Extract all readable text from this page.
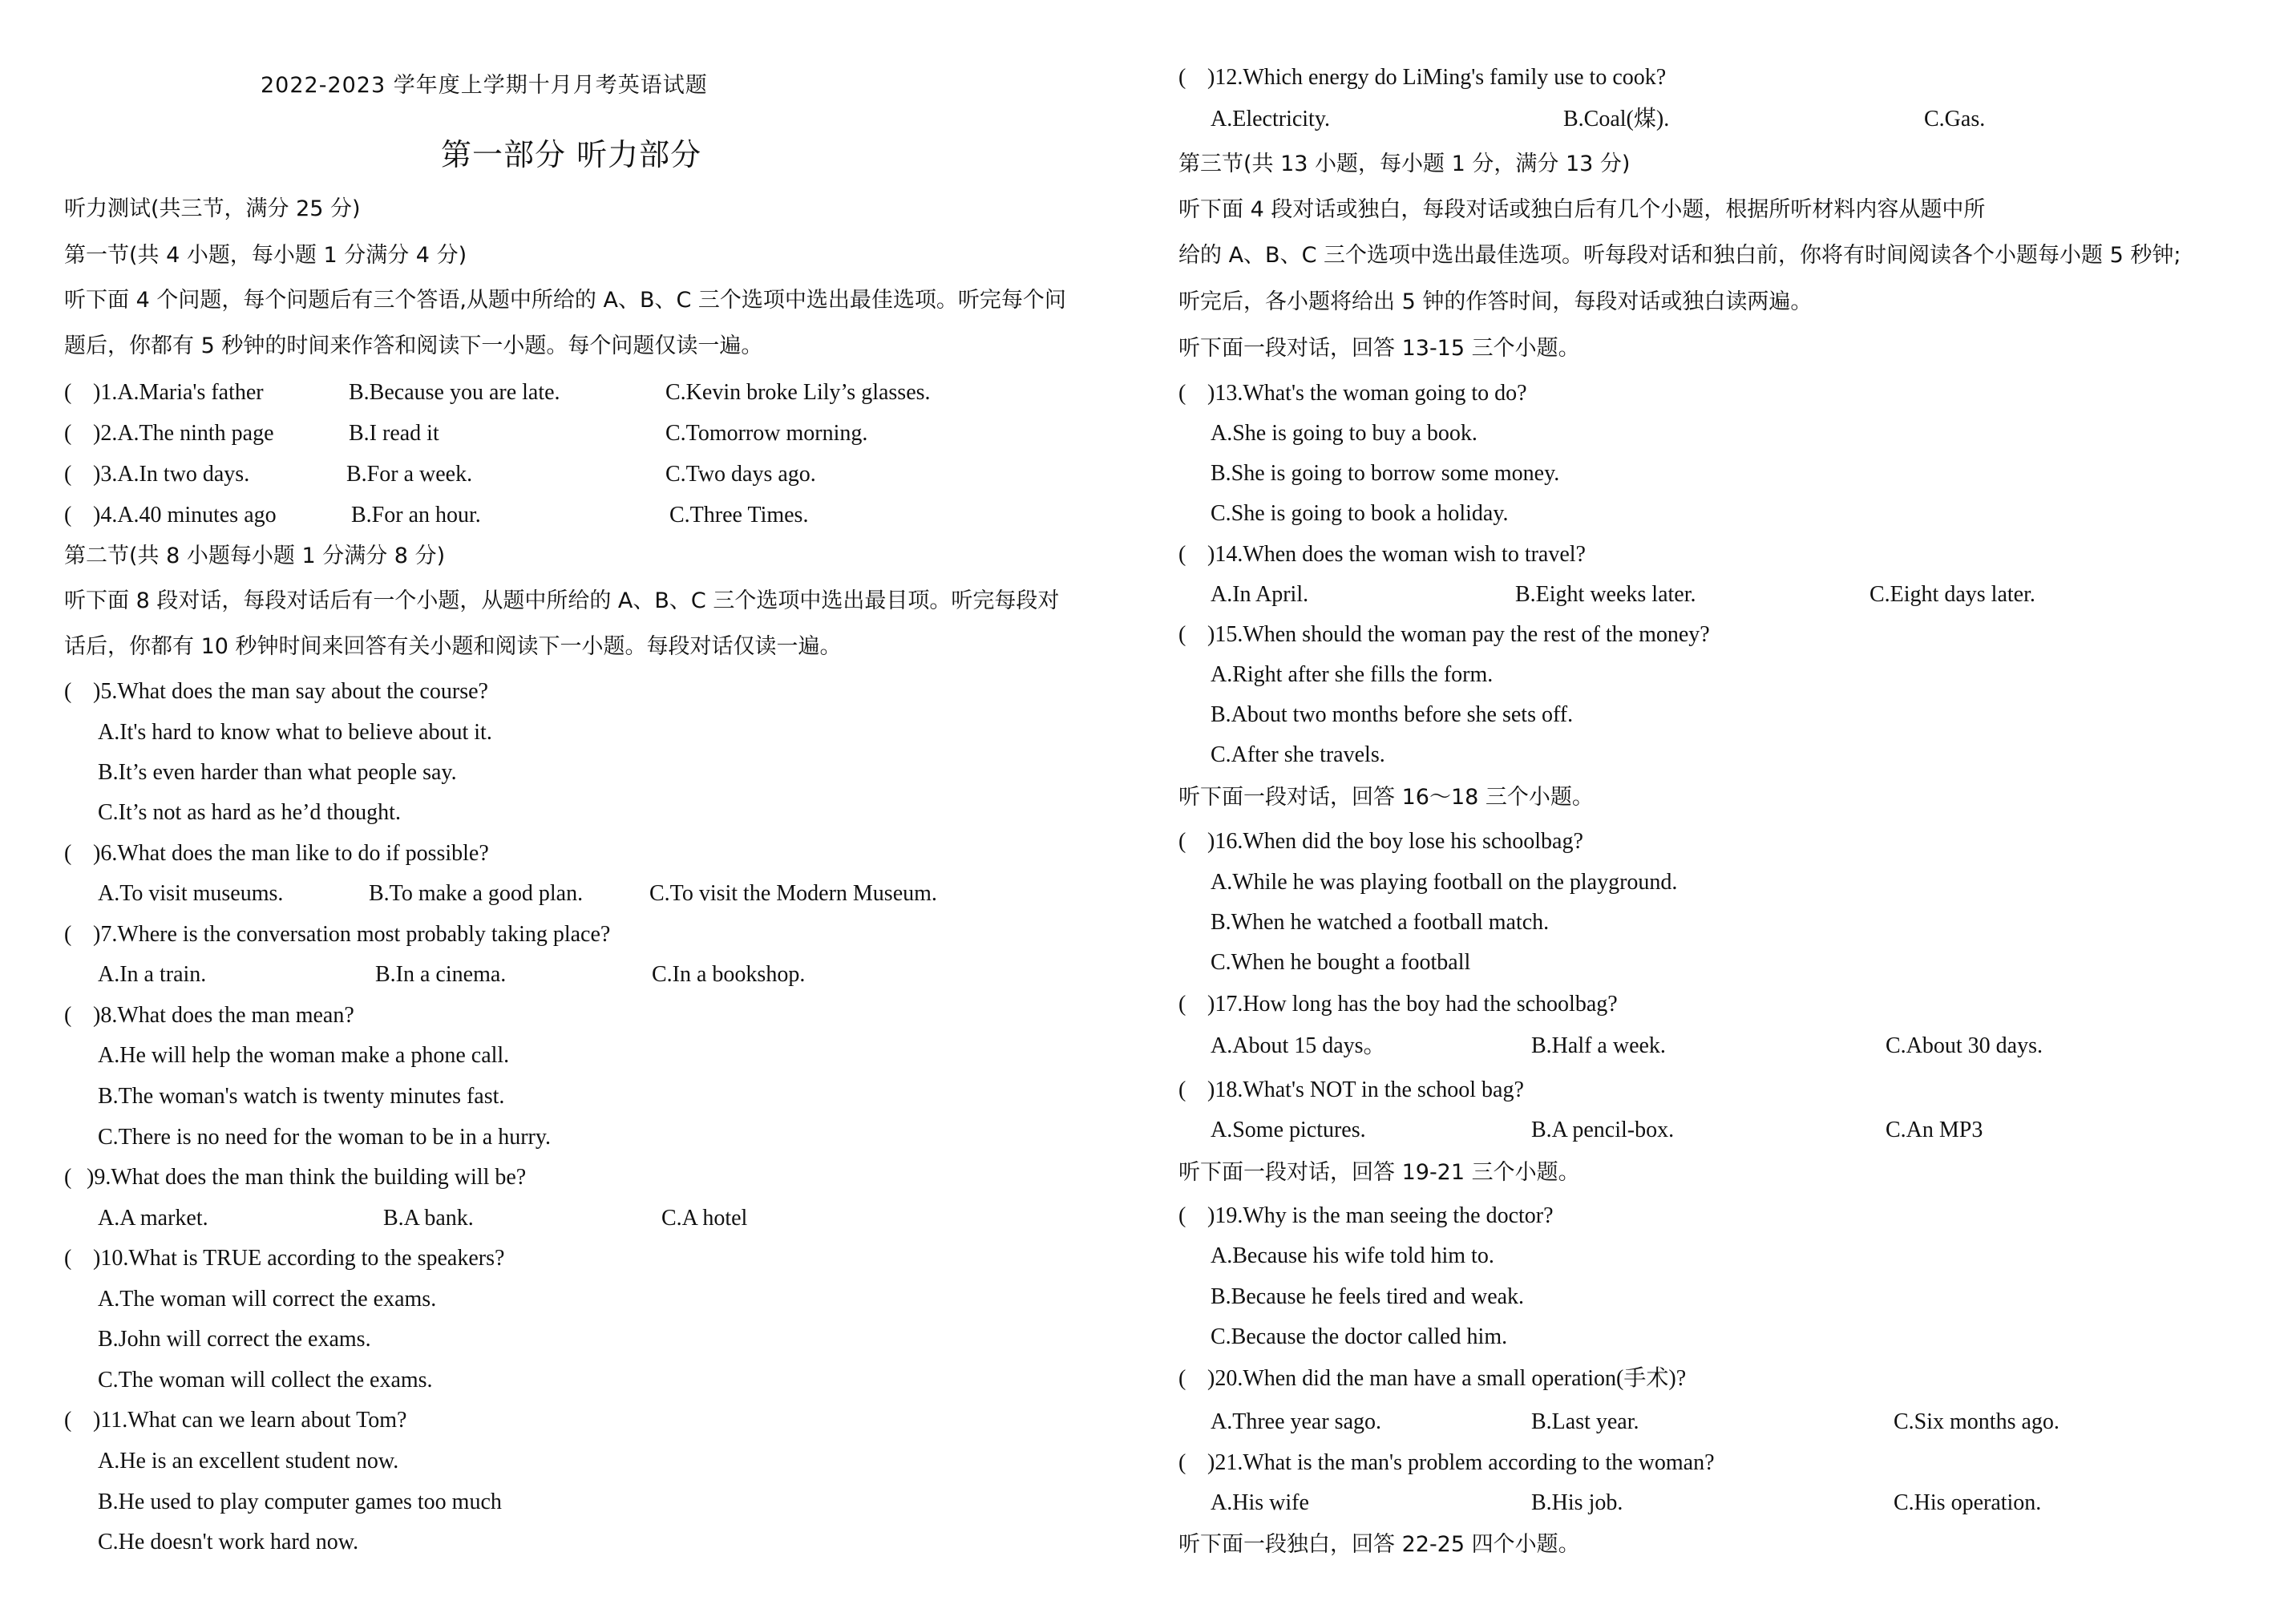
2022-2023 学年度上学期十月月考英语试题
第一部分 听力部分
听力测试(共三节，满分 25 分)
第一节(共 4 小题，每小题 1 分满分 4 分)
听下面 4 个问题，每个问题后有三个答语,从题中所给的 A、B、C 三个选项中选出最佳选项。听完每个问
题后，你都有 5 秒钟的时间来作答和阅读下一小题。每个问题仅读一遍。
( )1.A.Maria's father	B.Because you are late.	C.Kevin broke Lily’s glasses.
( )2.A.The ninth page	B.I read it	C.Tomorrow morning.
( )3.A.In two days.	B.For a week.	C.Two days ago.
( )4.A.40 minutes ago	B.For an hour.	C.Three Times.
第二节(共 8 小题每小题 1 分满分 8 分)
听下面 8 段对话，每段对话后有一个小题，从题中所给的 A、B、C 三个选项中选出最目项。听完每段对
话后，你都有 10 秒钟时间来回答有关小题和阅读下一小题。每段对话仅读一遍。
( )5.What does the man say about the course?
A.It's hard to know what to believe about it.
B.It’s even harder than what people say.
C.It’s not as hard as he’d thought.
( )6.What does the man like to do if possible?
A.To visit museums.	B.To make a good plan.	C.To visit the Modern Museum.
( )7.Where is the conversation most probably taking place?
A.In a train.	B.In a cinema.	C.In a bookshop.
( )8.What does the man mean?
A.He will help the woman make a phone call.
B.The woman's watch is twenty minutes fast.
C.There is no need for the woman to be in a hurry.
( )9.What does the man think the building will be?
A.A market.	B.A bank.	C.A hotel
( )10.What is TRUE according to the speakers?
A.The woman will correct the exams.
B.John will correct the exams.
C.The woman will collect the exams.
( )11.What can we learn about Tom?
A.He is an excellent student now.
B.He used to play computer games too much
C.He doesn't work hard now.
( )12.Which energy do LiMing's family use to cook?
A.Electricity.	B.Coal(煤).	C.Gas.
第三节(共 13 小题，每小题 1 分，满分 13 分)
听下面 4 段对话或独白，每段对话或独白后有几个小题，根据所听材料内容从题中所
给的 A、B、C 三个选项中选出最佳选项。听每段对话和独白前，你将有时间阅读各个小题每小题 5 秒钟;
听完后，各小题将给出 5 钟的作答时间，每段对话或独白读两遍。
听下面一段对话，回答 13-15 三个小题。
( )13.What's the woman going to do?
A.She is going to buy a book.
B.She is going to borrow some money.
C.She is going to book a holiday.
( )14.When does the woman wish to travel?
A.In April.	B.Eight weeks later.	C.Eight days later.
( )15.When should the woman pay the rest of the money?
A.Right after she fills the form.
B.About two months before she sets off.
C.After she travels.
听下面一段对话，回答 16～18 三个小题。
( )16.When did the boy lose his schoolbag?
A.While he was playing football on the playground.
B.When he watched a football match.
C.When he bought a football
( )17.How long has the boy had the schoolbag?
A.About 15 days。	B.Half a week.	C.About 30 days.
( )18.What's NOT in the school bag?
A.Some pictures.	B.A pencil-box.	C.An MP3
听下面一段对话，回答 19-21 三个小题。
( )19.Why is the man seeing the doctor?
A.Because his wife told him to.
B.Because he feels tired and weak.
C.Because the doctor called him.
( )20.When did the man have a small operation(手术)?
A.Three year sago.	B.Last year.	C.Six months ago.
( )21.What is the man's problem according to the woman?
A.His wife	B.His job.	C.His operation.
听下面一段独白，回答 22-25 四个小题。
